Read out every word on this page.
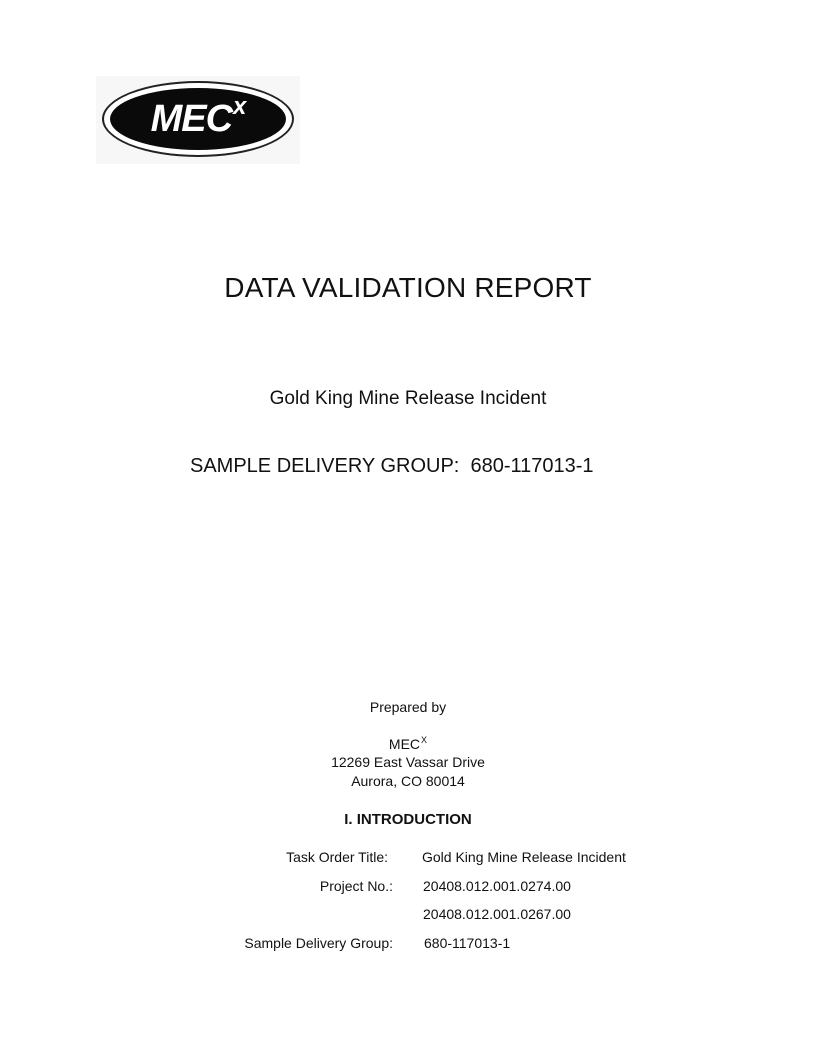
MEC x
DATA VALIDATION REPORT
Gold King Mine Release Incident
SAMPLE DELIVERY GROUP:  680-117013-1
Prepared by
$MEC^X$
12269 East Vassar Drive
Aurora, CO 80014
I. INTRODUCTION
Task Order Title: Gold King Mine Release Incident
Project No.: 20408.012.001.0274.00
20408.012.001.0267.00
Sample Delivery Group: 680-117013-1
